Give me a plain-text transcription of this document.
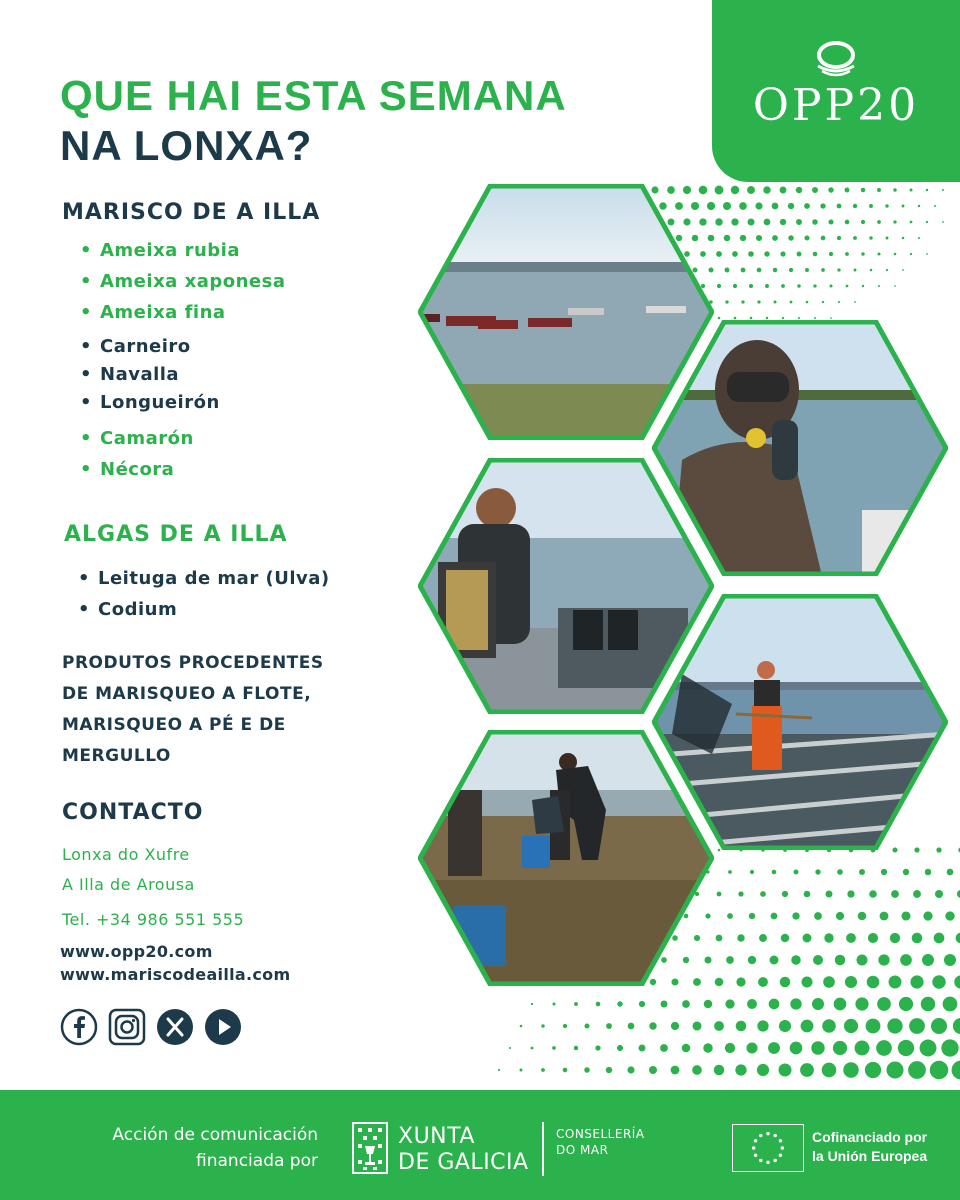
OPP20
QUE HAI ESTA SEMANA
NA LONXA?
MARISCO DE A ILLA
• Ameixa rubia
• Ameixa xaponesa
• Ameixa fina
• Carneiro
• Navalla
• Longueirón
• Camarón
• Nécora
ALGAS DE A ILLA
• Leituga de mar (Ulva)
• Codium
PRODUTOS PROCEDENTES
DE MARISQUEO A FLOTE,
MARISQUEO A PÉ E DE
MERGULLO
CONTACTO
Lonxa do Xufre
A Illa de Arousa
Tel. +34 986 551 555
www.opp20.com
www.mariscodeailla.com
Acción de comunicación
financiada por
XUNTA
DE GALICIA
CONSELLERÍA
DO MAR
Cofinanciado por
la Unión Europea
